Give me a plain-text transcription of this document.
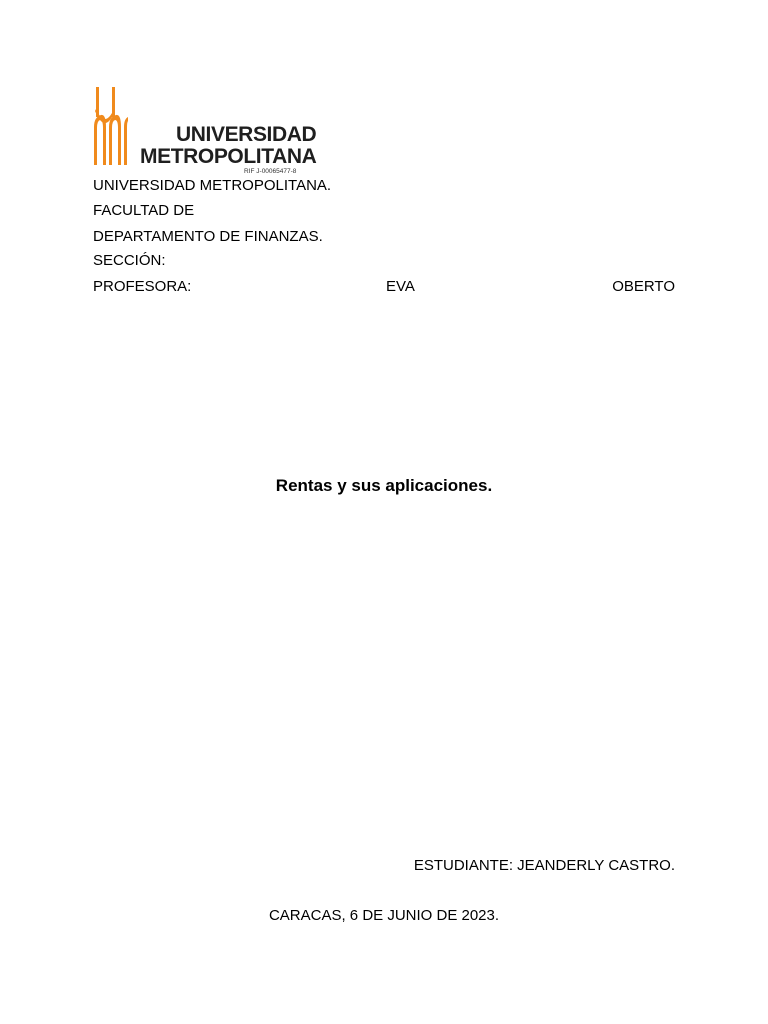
UNIVERSIDAD
METROPOLITANA
RIF J-00065477-8
UNIVERSIDAD METROPOLITANA.
FACULTAD DE
DEPARTAMENTO DE FINANZAS.
SECCIÓN:
PROFESORA:	EVA	OBERTO
Rentas y sus aplicaciones.
ESTUDIANTE: JEANDERLY CASTRO.
CARACAS, 6 DE JUNIO DE 2023.
